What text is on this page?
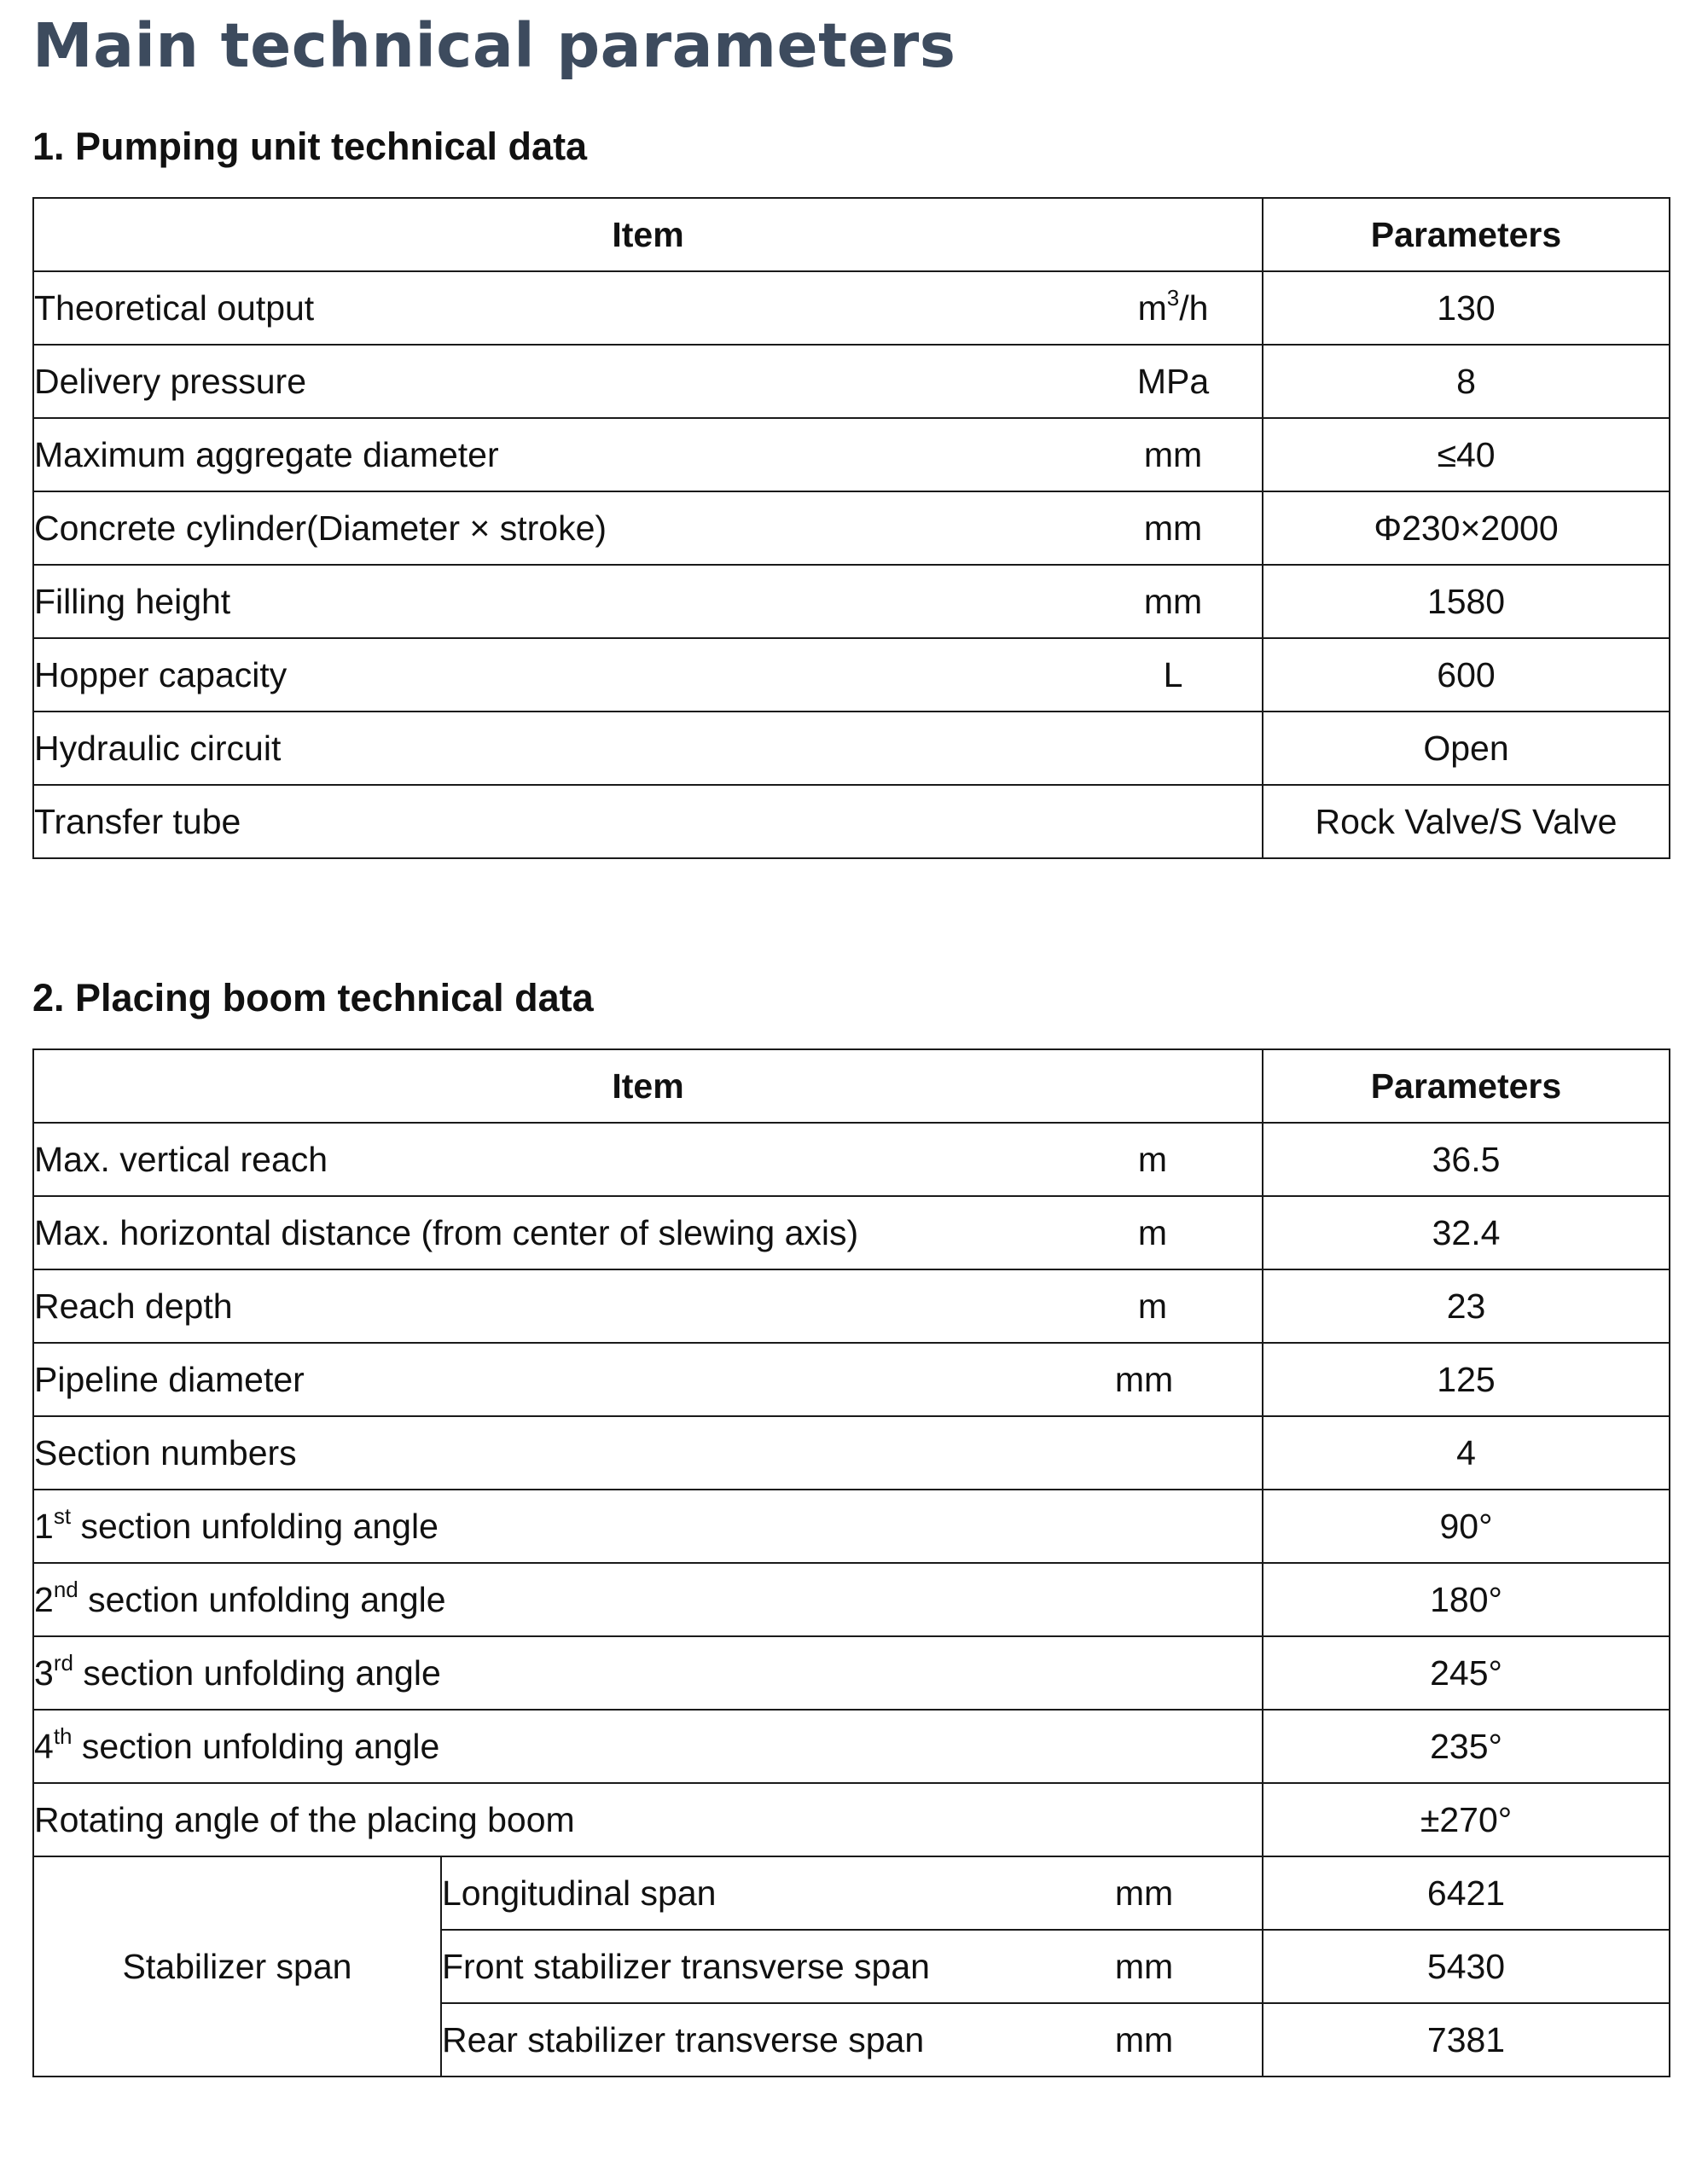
Main technical parameters
1. Pumping unit technical data
Item	Parameters
Theoretical output $m^3/h$	130
Delivery pressure MPa	8
Maximum aggregate diameter mm	≤40
Concrete cylinder(Diameter × stroke) mm	Φ230×2000
Filling height mm	1580
Hopper capacity L	600
Hydraulic circuit	Open
Transfer tube	Rock Valve/S Valve
2. Placing boom technical data
Item		Parameters
Max. vertical reach m		36.5
Max. horizontal distance (from center of slewing axis) m		32.4
Reach depth m		23
Pipeline diameter mm		125
Section numbers		4
1st section unfolding angle		90°
2nd section unfolding angle		180°
3rd section unfolding angle		245°
4th section unfolding angle		235°
Rotating angle of the placing boom		±270°
Stabilizer span	Longitudinal span mm	6421
	Front stabilizer transverse span mm	5430
	Rear stabilizer transverse span mm	7381
